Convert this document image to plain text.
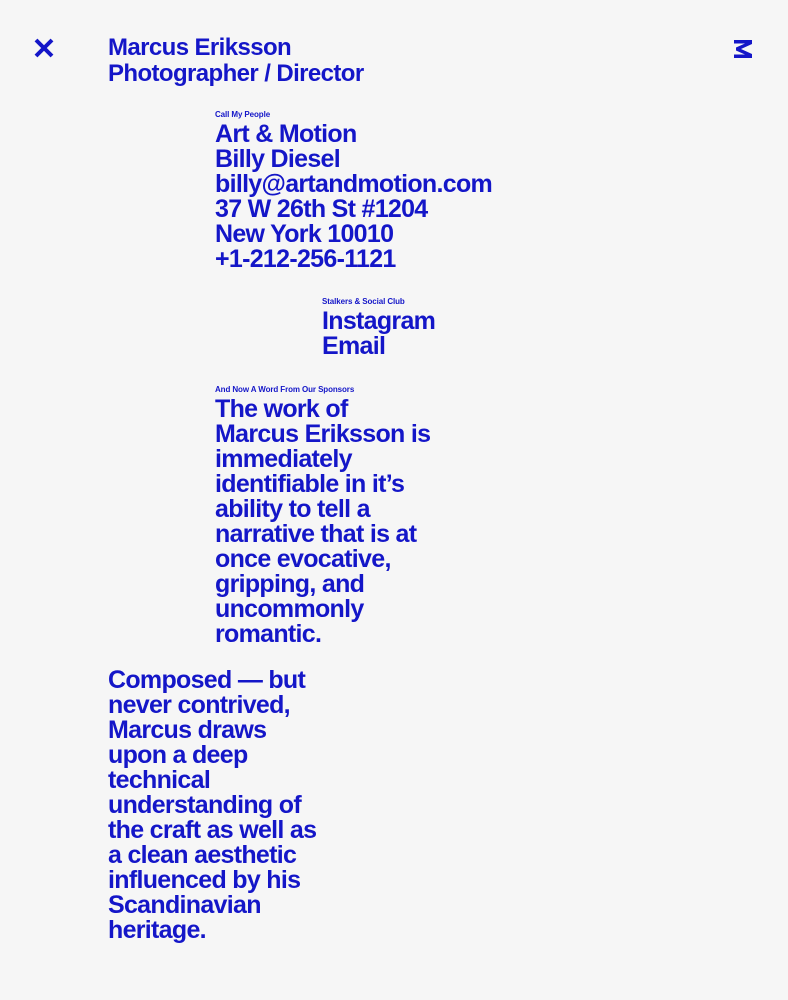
Marcus Eriksson
Photographer / Director
Call My People
Art & Motion
Billy Diesel
billy@artandmotion.com
37 W 26th St #1204
New York 10010
+1-212-256-1121
Stalkers & Social Club
Instagram
Email
And Now A Word From Our Sponsors
The work of
Marcus Eriksson is
immediately
identifiable in it’s
ability to tell a
narrative that is at
once evocative,
gripping, and
uncommonly
romantic.
Composed — but
never contrived,
Marcus draws
upon a deep
technical
understanding of
the craft as well as
a clean aesthetic
influenced by his
Scandinavian
heritage.
